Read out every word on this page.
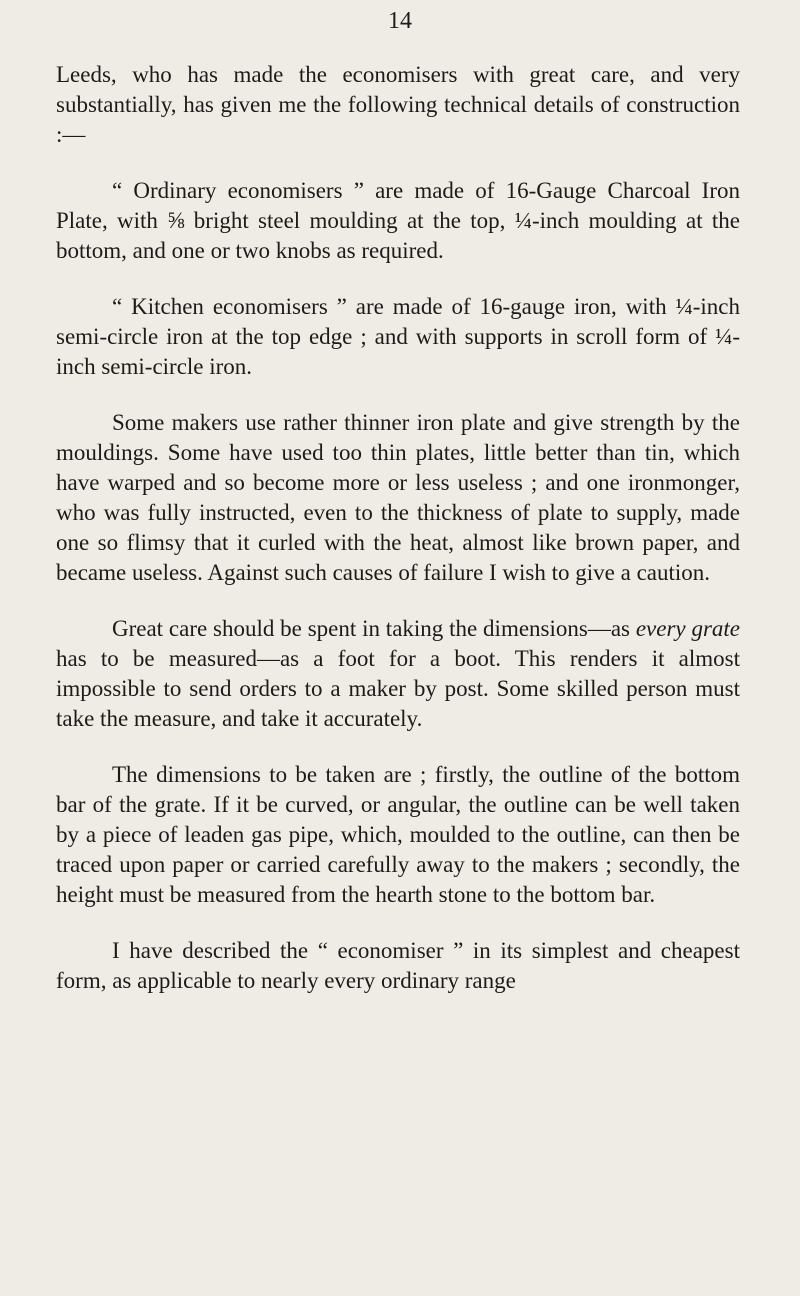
14

Leeds, who has made the economisers with great care, and very substantially, has given me the following technical details of construction :—

“ Ordinary economisers ” are made of 16-Gauge Charcoal Iron Plate, with ⅝ bright steel moulding at the top, ¼-inch moulding at the bottom, and one or two knobs as required.

“ Kitchen economisers ” are made of 16-gauge iron, with ¼-inch semi-circle iron at the top edge ; and with supports in scroll form of ¼-inch semi-circle iron.

Some makers use rather thinner iron plate and give strength by the mouldings. Some have used too thin plates, little better than tin, which have warped and so become more or less useless ; and one ironmonger, who was fully instructed, even to the thickness of plate to supply, made one so flimsy that it curled with the heat, almost like brown paper, and became useless. Against such causes of failure I wish to give a caution.

Great care should be spent in taking the dimensions—as every grate has to be measured—as a foot for a boot. This renders it almost impossible to send orders to a maker by post. Some skilled person must take the measure, and take it accurately.

The dimensions to be taken are ; firstly, the outline of the bottom bar of the grate. If it be curved, or angular, the outline can be well taken by a piece of leaden gas pipe, which, moulded to the outline, can then be traced upon paper or carried carefully away to the makers ; secondly, the height must be measured from the hearth stone to the bottom bar.

I have described the “ economiser ” in its simplest and cheapest form, as applicable to nearly every ordinary range
